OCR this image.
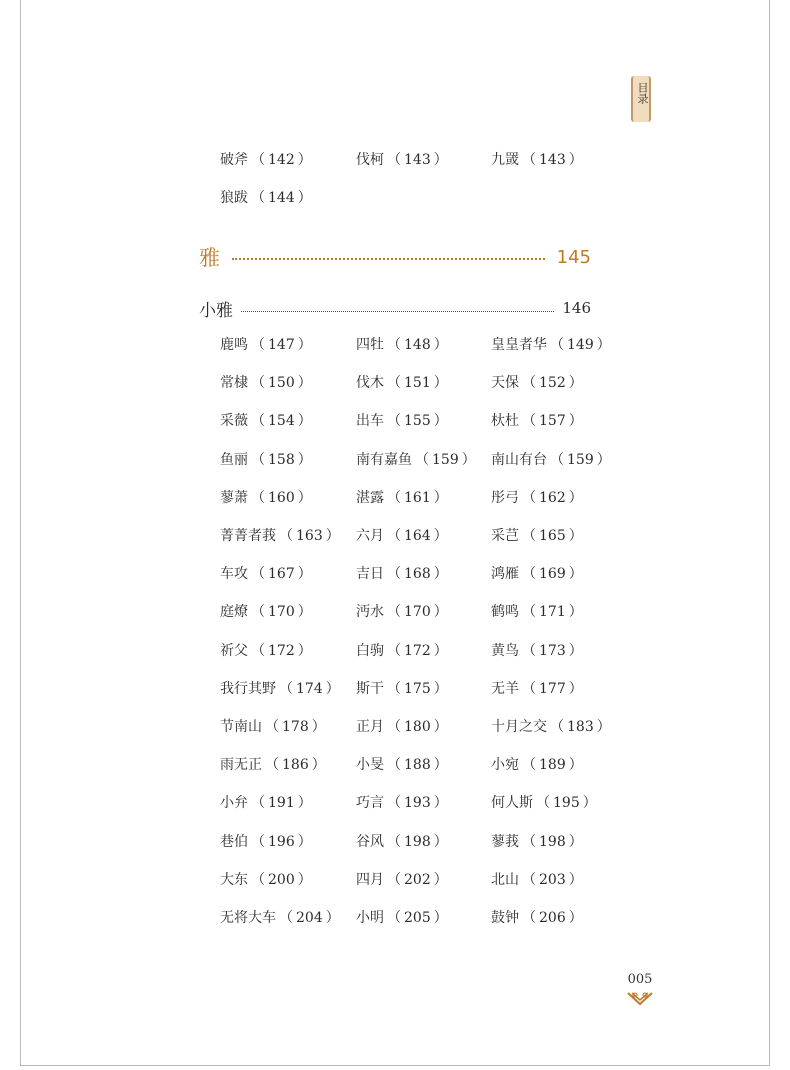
目录
破斧 （ 142 ）	伐柯 （ 143 ）	九罭 （ 143 ）
狼跋 （ 144 ）
雅	145
小雅	146
鹿鸣 （ 147 ）	四牡 （ 148 ）	皇皇者华 （ 149 ）
常棣 （ 150 ）	伐木 （ 151 ）	天保 （ 152 ）
采薇 （ 154 ）	出车 （ 155 ）	杕杜 （ 157 ）
鱼丽 （ 158 ）	南有嘉鱼 （ 159 ） 南山有台 （ 159 ）
蓼萧 （ 160 ）	湛露 （ 161 ）	彤弓 （ 162 ）
菁菁者莪 （ 163 ） 六月 （ 164 ）	采芑 （ 165 ）
车攻 （ 167 ）	吉日 （ 168 ）	鸿雁 （ 169 ）
庭燎 （ 170 ）	沔水 （ 170 ）	鹤鸣 （ 171 ）
祈父 （ 172 ）	白驹 （ 172 ）	黄鸟 （ 173 ）
我行其野 （ 174 ） 斯干 （ 175 ）	无羊 （ 177 ）
节南山 （ 178 ） 正月 （ 180 ）	十月之交 （ 183 ）
雨无正 （ 186 ） 小旻 （ 188 ）	小宛 （ 189 ）
小弁 （ 191 ）	巧言 （ 193 ）	何人斯 （ 195 ）
巷伯 （ 196 ）	谷风 （ 198 ）	蓼莪 （ 198 ）
大东 （ 200 ）	四月 （ 202 ）	北山 （ 203 ）
无将大车 （ 204 ） 小明 （ 205 ）	鼓钟 （ 206 ）
005
